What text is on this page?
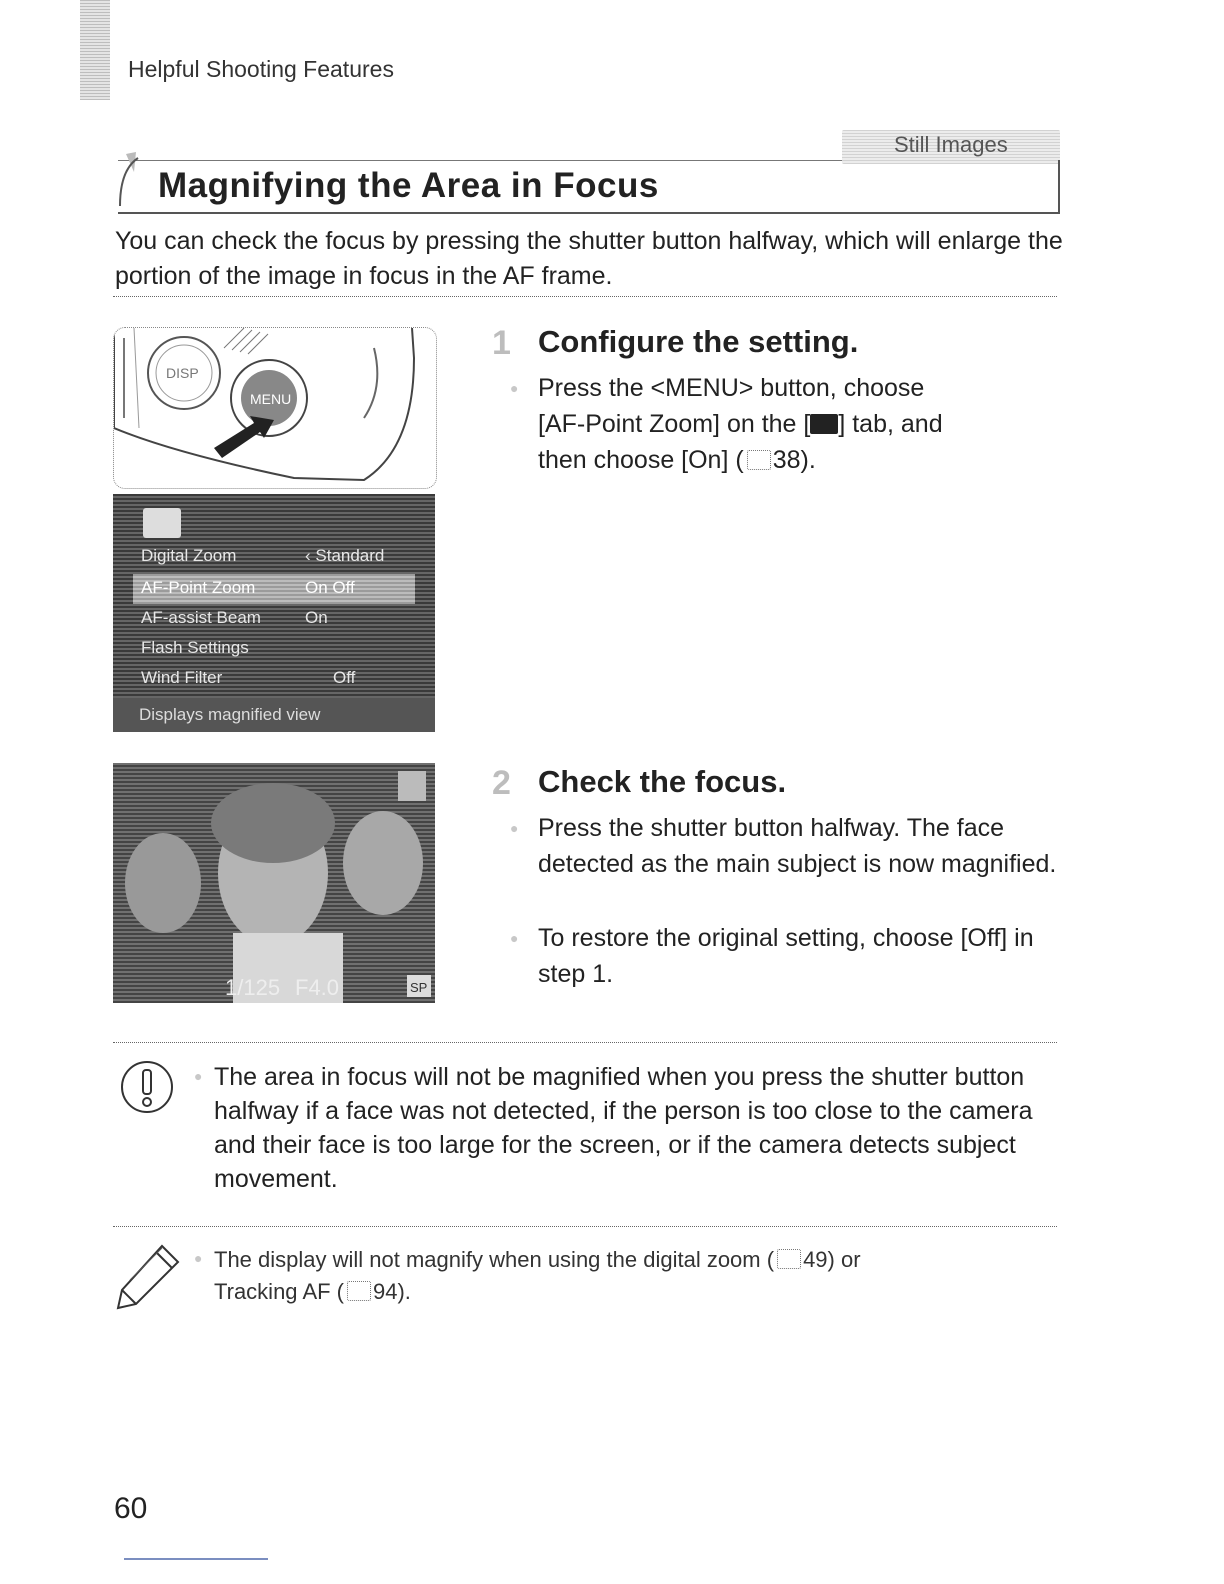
Helpful Shooting Features
Still Images
Magnifying the Area in Focus
You can check the focus by pressing the shutter button halfway, which will enlarge the portion of the image in focus in the AF frame.
DISP
MENU
Digital Zoom	‹ Standard
AF-Point Zoom	On Off
AF-assist Beam	On
Flash Settings
Wind Filter	Off
Displays magnified view
1 Configure the setting.
● Press the <MENU> button, choose
[AF-Point Zoom] on the [ ] tab, and
then choose [On] ( 38).
1/125 F4.0	SP
2 Check the focus.
● Press the shutter button halfway. The face detected as the main subject is now magnified.
● To restore the original setting, choose [Off] in step 1.
● The area in focus will not be magnified when you press the shutter button halfway if a face was not detected, if the person is too close to the camera and their face is too large for the screen, or if the camera detects subject movement.
● The display will not magnify when using the digital zoom ( 49) or
Tracking AF ( 94).
60
